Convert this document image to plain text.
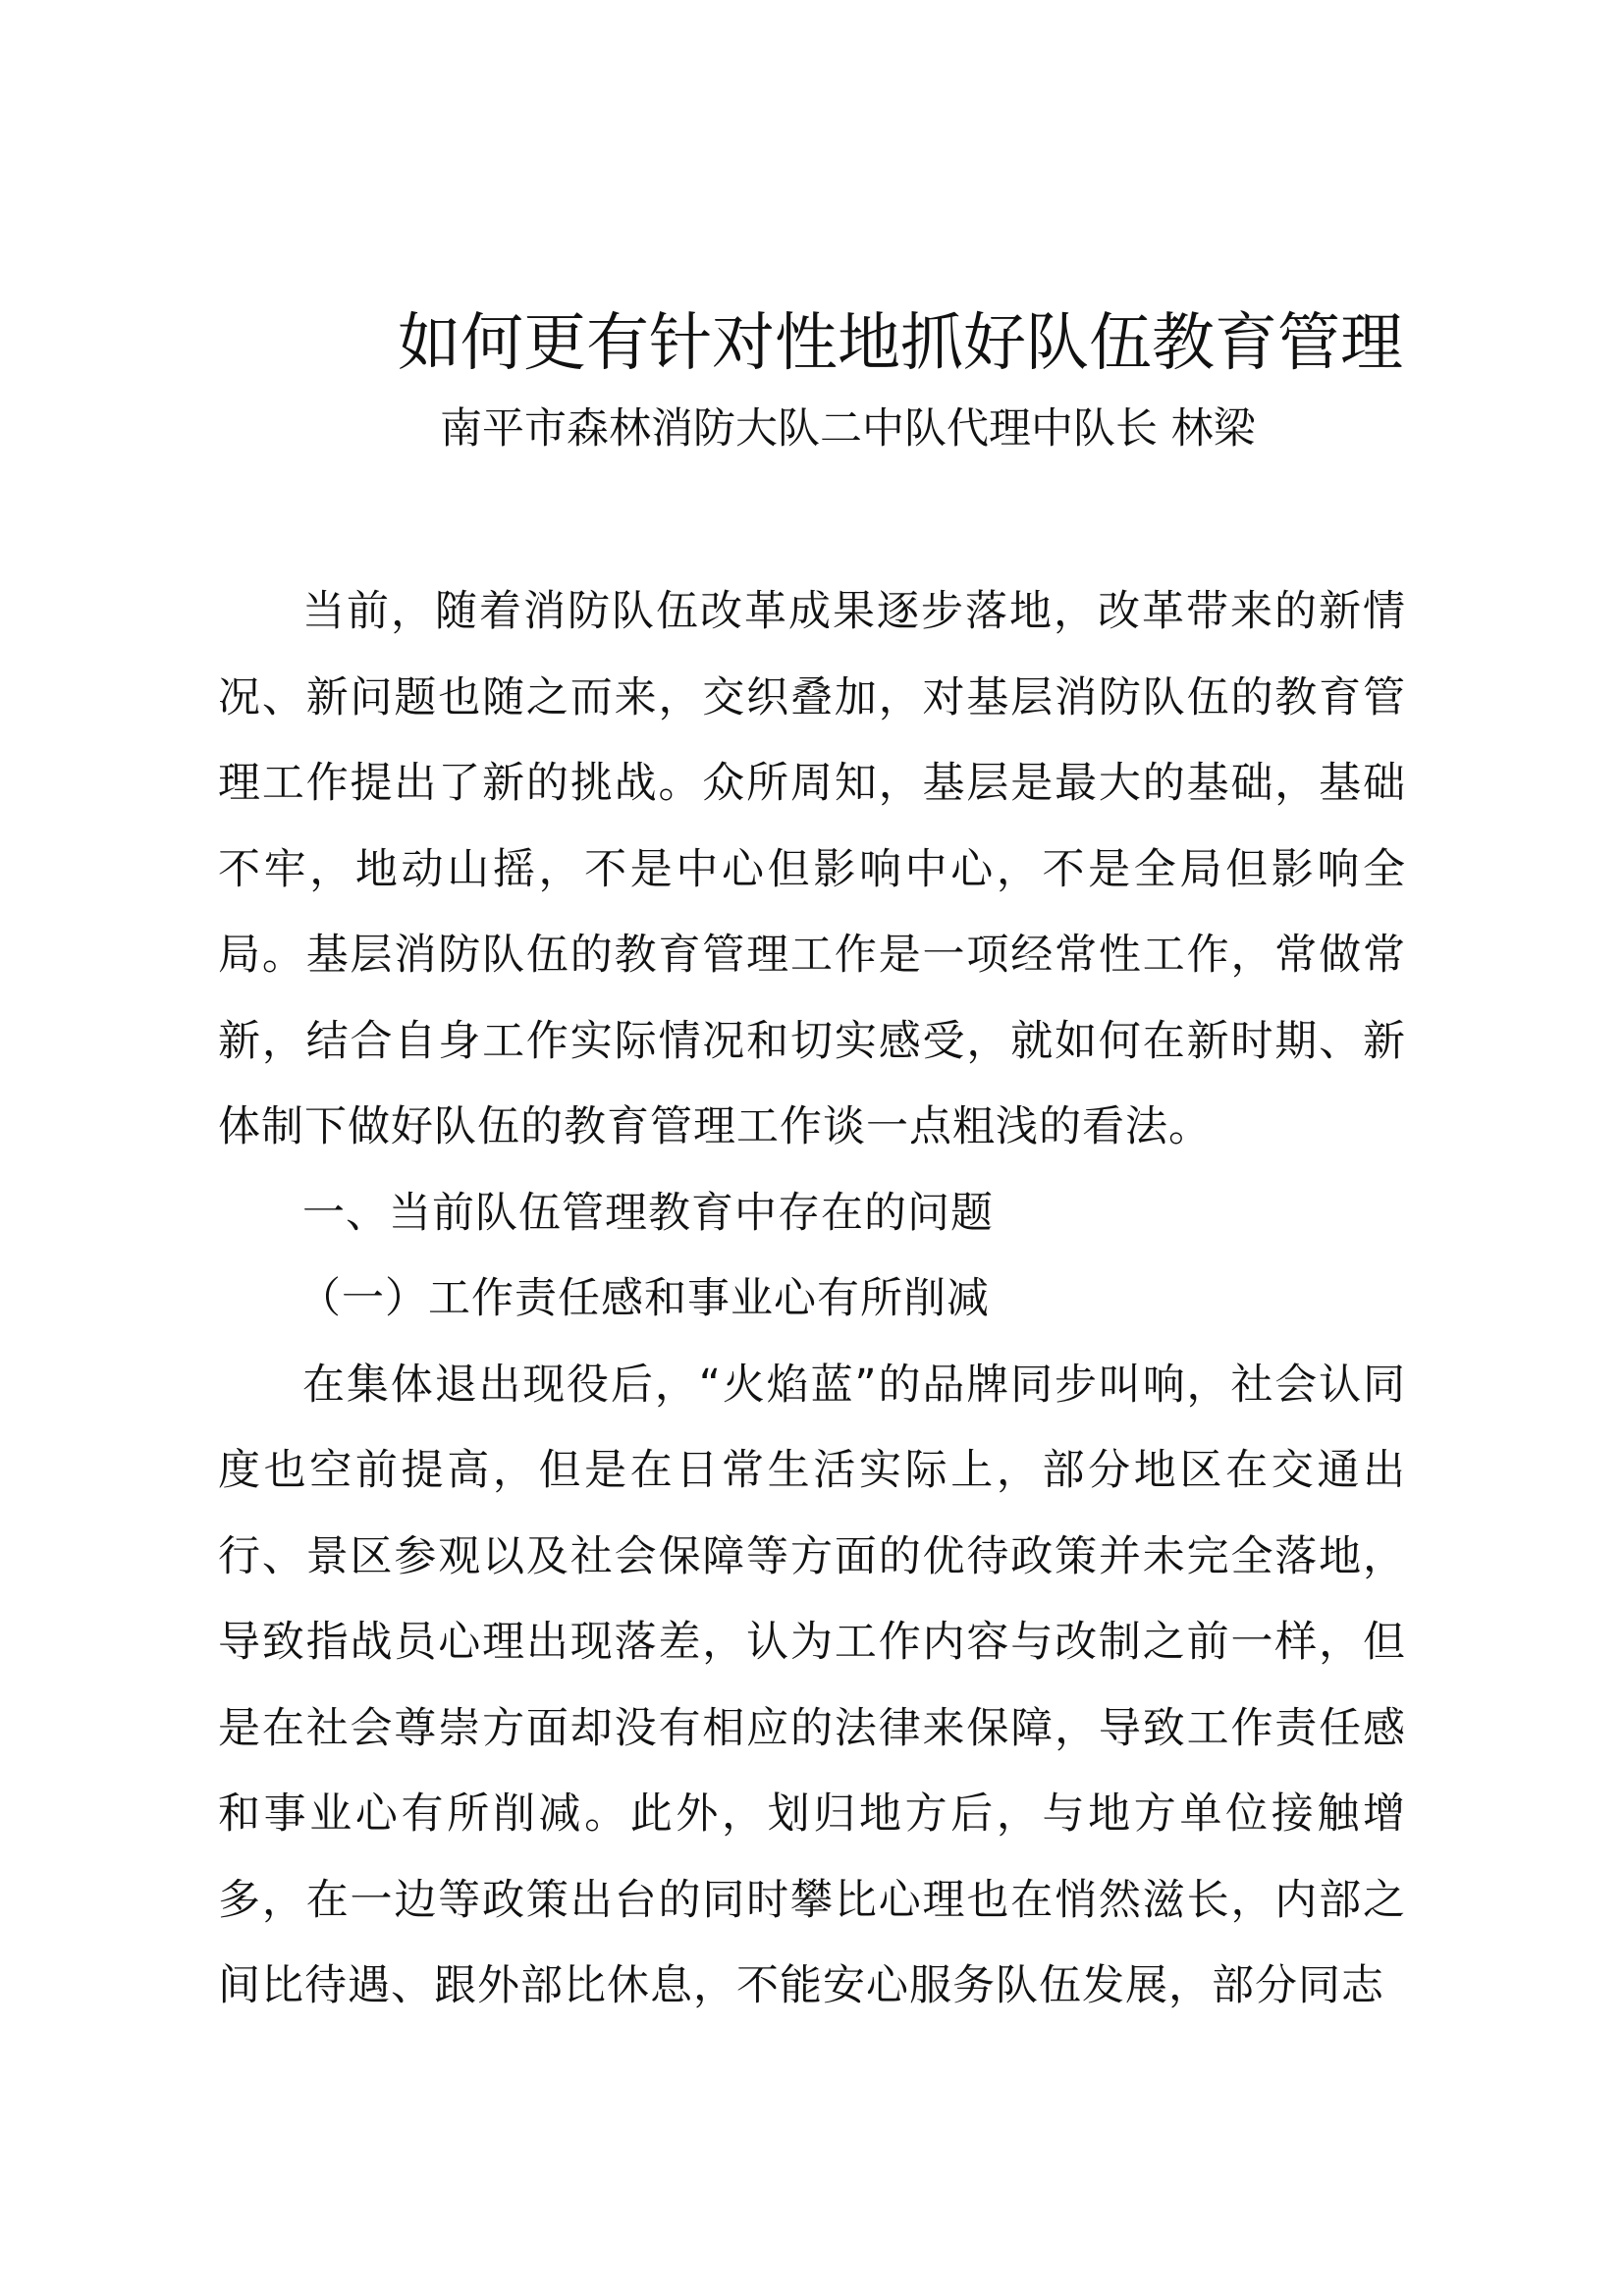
如何更有针对性地抓好队伍教育管理
南平市森林消防大队二中队代理中队长 林梁

当前，随着消防队伍改革成果逐步落地，改革带来的新情况、新问题也随之而来，交织叠加，对基层消防队伍的教育管理工作提出了新的挑战。众所周知，基层是最大的基础，基础不牢，地动山摇，不是中心但影响中心，不是全局但影响全局。基层消防队伍的教育管理工作是一项经常性工作，常做常新，结合自身工作实际情况和切实感受，就如何在新时期、新体制下做好队伍的教育管理工作谈一点粗浅的看法。

一、当前队伍管理教育中存在的问题

（一）工作责任感和事业心有所削减

在集体退出现役后，“火焰蓝”的品牌同步叫响，社会认同度也空前提高，但是在日常生活实际上，部分地区在交通出行、景区参观以及社会保障等方面的优待政策并未完全落地，导致指战员心理出现落差，认为工作内容与改制之前一样，但是在社会尊崇方面却没有相应的法律来保障，导致工作责任感和事业心有所削减。此外，划归地方后，与地方单位接触增多，在一边等政策出台的同时攀比心理也在悄然滋长，内部之间比待遇、跟外部比休息，不能安心服务队伍发展，部分同志
